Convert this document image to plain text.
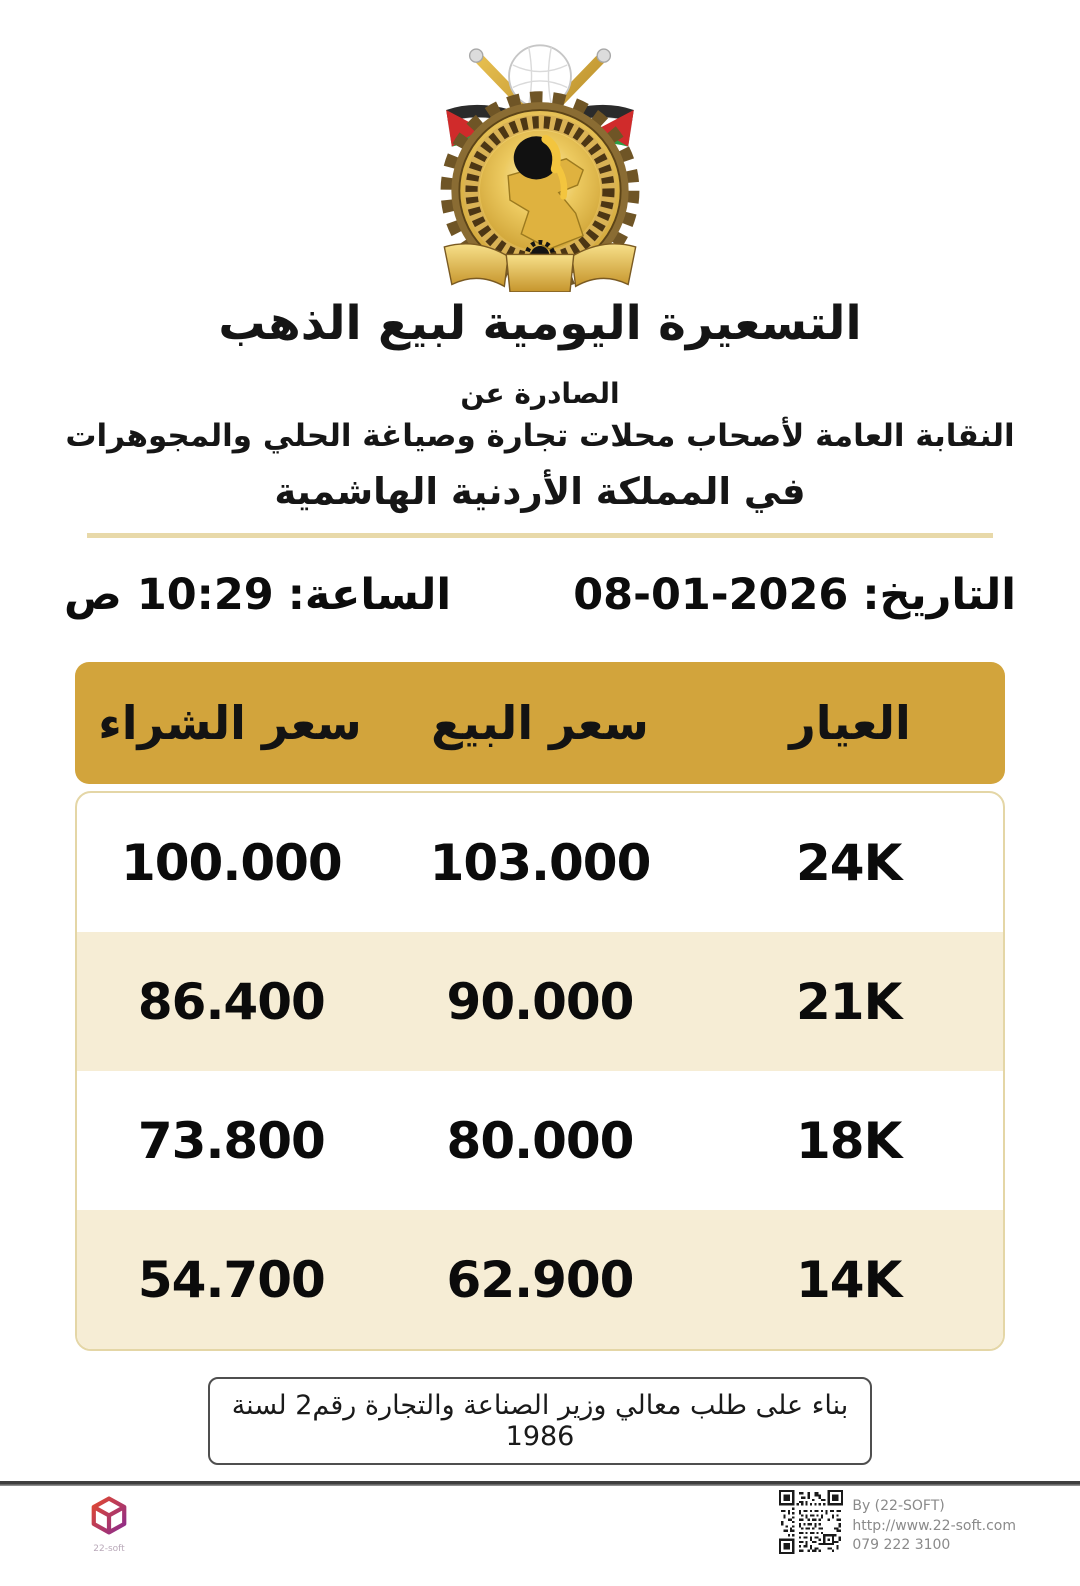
التسعيرة اليومية لبيع الذهب
الصادرة عن
النقابة العامة لأصحاب محلات تجارة وصياغة الحلي والمجوهرات
في المملكة الأردنية الهاشمية
التاريخ:
08-01-2026
الساعة:
10:29 ص
العيار
سعر البيع
سعر الشراء
24K
103.000
100.000
21K
90.000
86.400
18K
80.000
73.800
14K
62.900
54.700
بناء على طلب معالي وزير الصناعة والتجارة رقم2 لسنة 1986
22-soft
By (22-SOFT)
http://www.22-soft.com
079 222 3100
